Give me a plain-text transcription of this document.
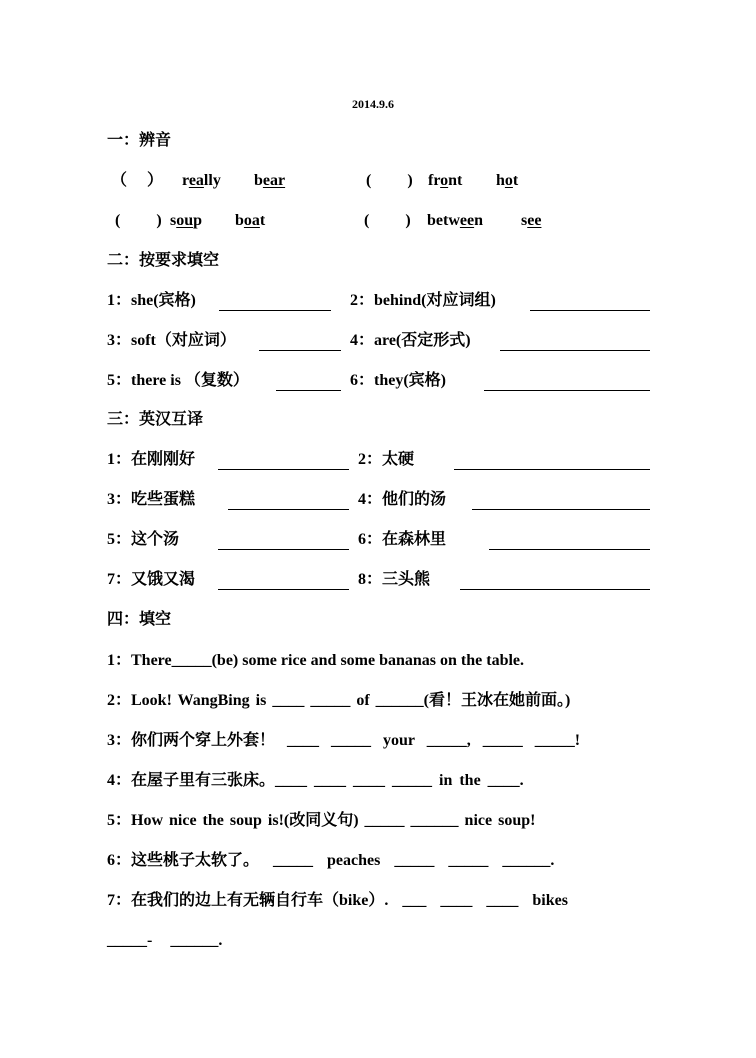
2014.9.6
一：辨音
（　 ） really bear	(　　 ) front hot
(　　 ) soup boat	(　　 ) between see
二：按要求填空
1：she(宾格)	2：behind(对应词组)
3：soft（对应词）	4：are(否定形式)
5：there is （复数）	6：they(宾格)
三：英汉互译
1：在刚刚好	2：太硬
3：吃些蛋糕	4：他们的汤
5：这个汤	6：在森林里
7：又饿又渴	8：三头熊
四：填空
1：There_____(be) some rice and some bananas on the table.
2：Look! WangBing is ____ _____ of ______(看！王冰在她前面。)
3：你们两个穿上外套！ ____ _____ your _____, _____ _____!
4：在屋子里有三张床。____ ____ ____ _____ in the ____.
5：How nice the soup is!(改同义句) _____ ______ nice soup!
6：这些桃子太软了。 _____ peaches _____ _____ ______.
7：在我们的边上有无辆自行车（bike）. ___ ____ ____ bikes
_____- ______.
